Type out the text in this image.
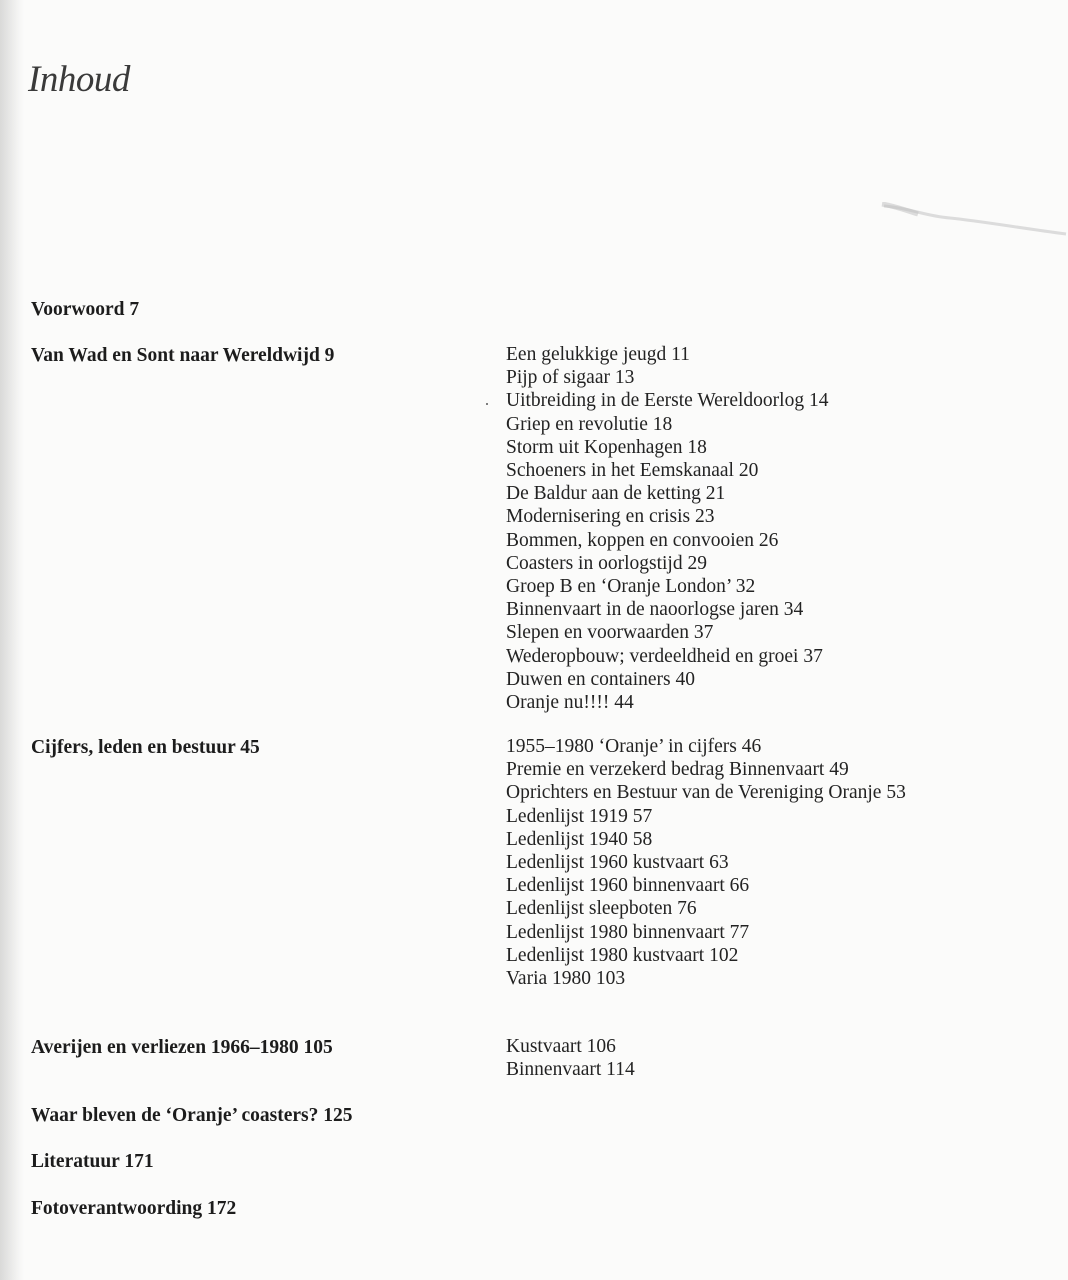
Inhoud
Voorwoord 7
Van Wad en Sont naar Wereldwijd 9	Een gelukkige jeugd 11
Pijp of sigaar 13
Uitbreiding in de Eerste Wereldoorlog 14
Griep en revolutie 18
Storm uit Kopenhagen 18
Schoeners in het Eemskanaal 20
De Baldur aan de ketting 21
Modernisering en crisis 23
Bommen, koppen en convooien 26
Coasters in oorlogstijd 29
Groep B en ‘Oranje London’ 32
Binnenvaart in de naoorlogse jaren 34
Slepen en voorwaarden 37
Wederopbouw; verdeeldheid en groei 37
Duwen en containers 40
Oranje nu!!!! 44
Cijfers, leden en bestuur 45	1955–1980 ‘Oranje’ in cijfers 46
Premie en verzekerd bedrag Binnenvaart 49
Oprichters en Bestuur van de Vereniging Oranje 53
Ledenlijst 1919 57
Ledenlijst 1940 58
Ledenlijst 1960 kustvaart 63
Ledenlijst 1960 binnenvaart 66
Ledenlijst sleepboten 76
Ledenlijst 1980 binnenvaart 77
Ledenlijst 1980 kustvaart 102
Varia 1980 103
Averijen en verliezen 1966–1980 105	Kustvaart 106
Binnenvaart 114
Waar bleven de ‘Oranje’ coasters? 125
Literatuur 171
Fotoverantwoording 172
